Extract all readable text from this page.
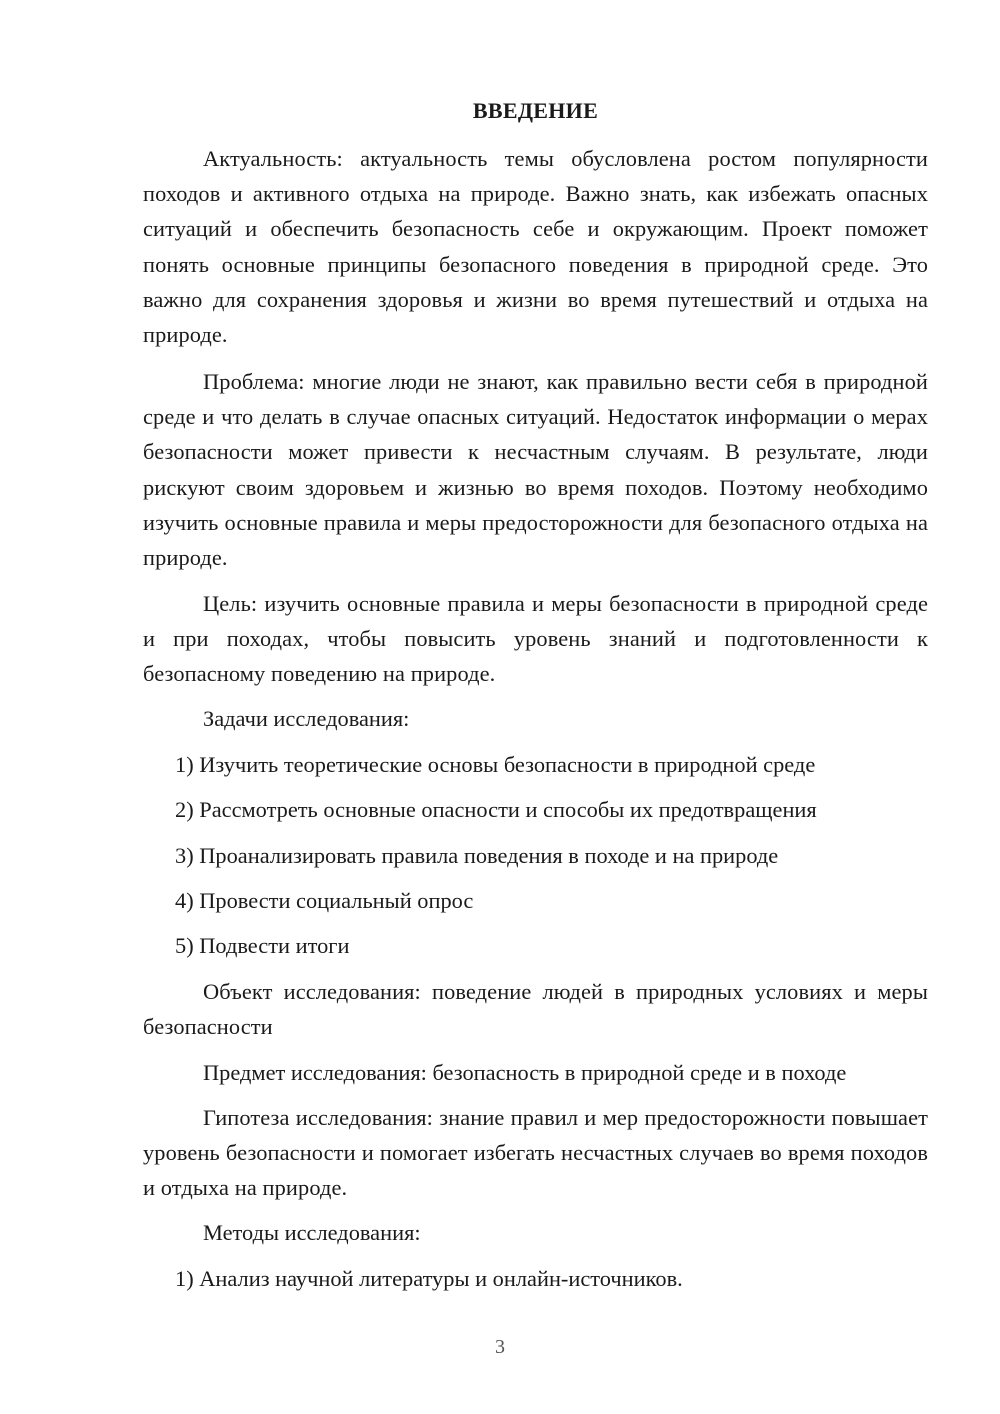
ВВЕДЕНИЕ
Актуальность: актуальность темы обусловлена ростом популярности походов и активного отдыха на природе. Важно знать, как избежать опасных ситуаций и обеспечить безопасность себе и окружающим. Проект поможет понять основные принципы безопасного поведения в природной среде. Это важно для сохранения здоровья и жизни во время путешествий и отдыха на природе.
Проблема: многие люди не знают, как правильно вести себя в природной среде и что делать в случае опасных ситуаций. Недостаток информации о мерах безопасности может привести к несчастным случаям. В результате, люди рискуют своим здоровьем и жизнью во время походов. Поэтому необходимо изучить основные правила и меры предосторожности для безопасного отдыха на природе.
Цель: изучить основные правила и меры безопасности в природной среде и при походах, чтобы повысить уровень знаний и подготовленности к безопасному поведению на природе.
Задачи исследования:
1) Изучить теоретические основы безопасности в природной среде
2) Рассмотреть основные опасности и способы их предотвращения
3) Проанализировать правила поведения в походе и на природе
4) Провести социальный опрос
5) Подвести итоги
Объект исследования: поведение людей в природных условиях и меры безопасности
Предмет исследования: безопасность в природной среде и в походе
Гипотеза исследования: знание правил и мер предосторожности повышает уровень безопасности и помогает избегать несчастных случаев во время походов и отдыха на природе.
Методы исследования:
1) Анализ научной литературы и онлайн-источников.
3
